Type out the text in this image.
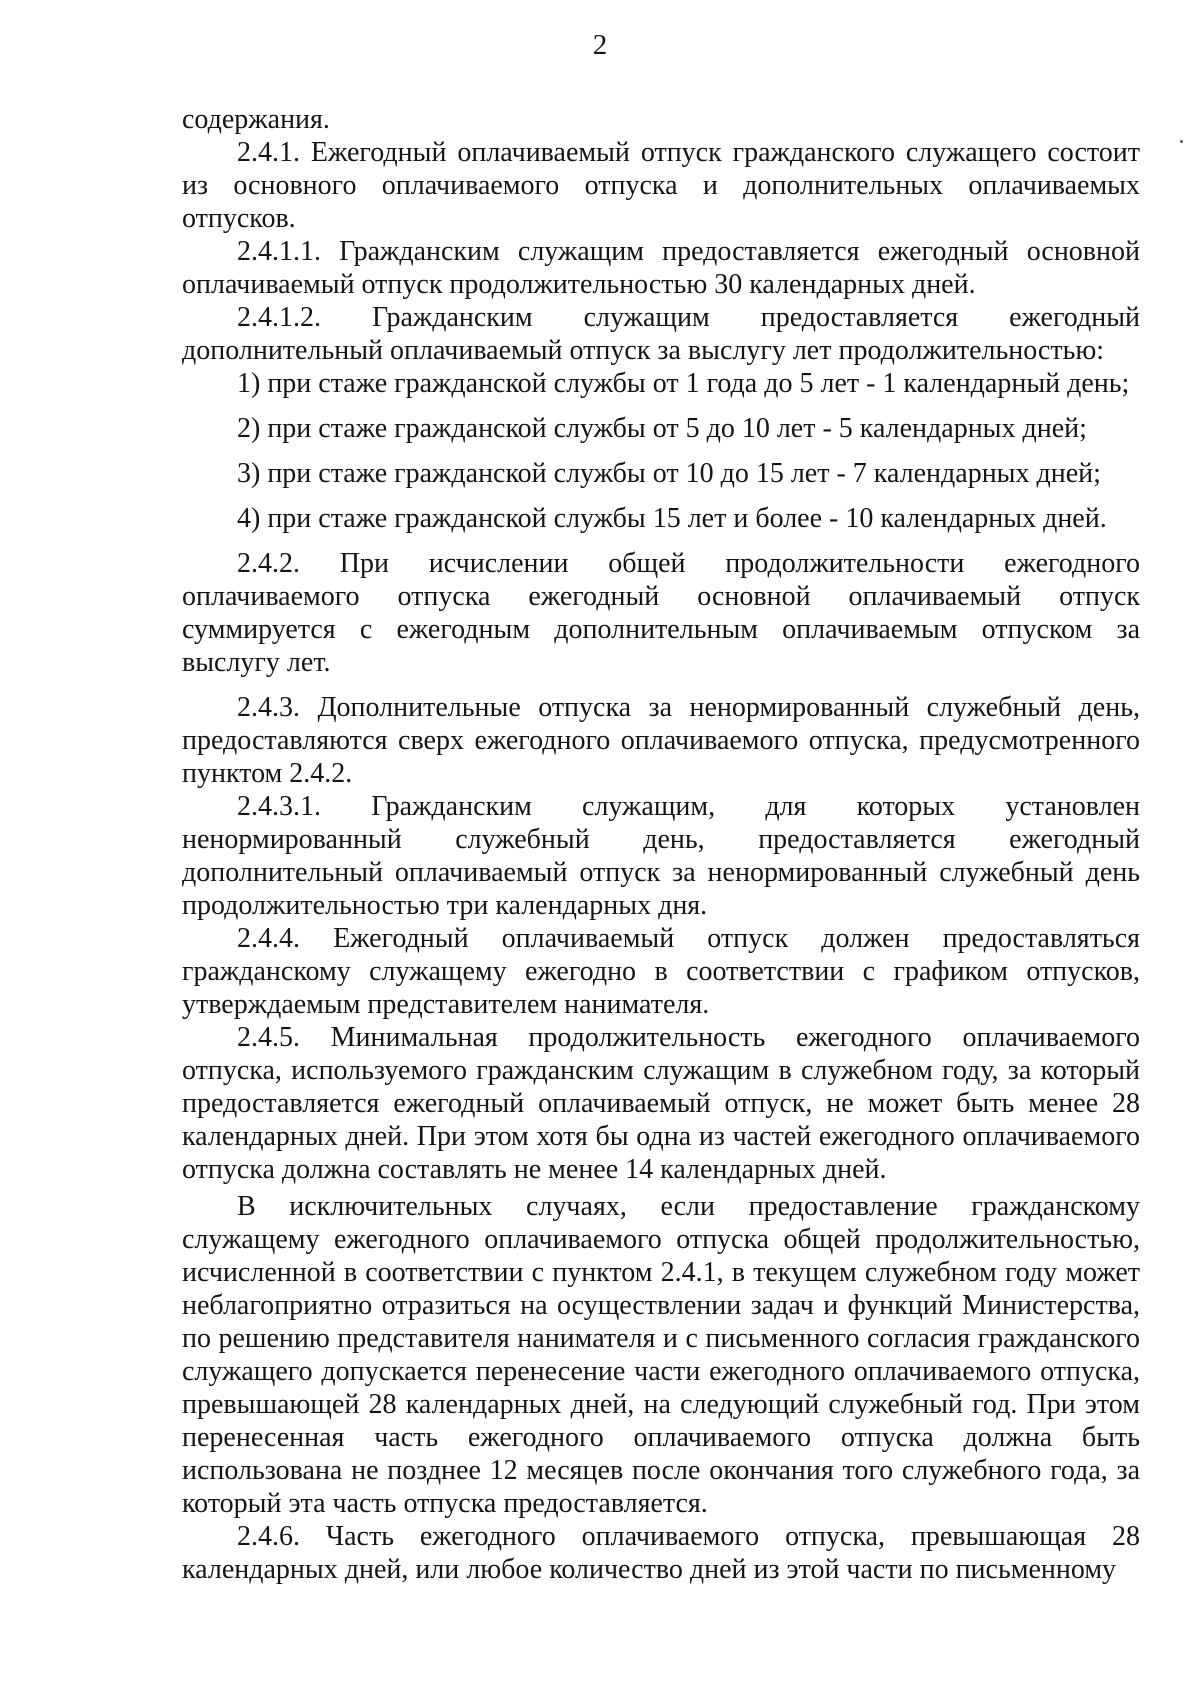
2

содержания.

2.4.1. Ежегодный оплачиваемый отпуск гражданского служащего состоит из основного оплачиваемого отпуска и дополнительных оплачиваемых отпусков.

2.4.1.1. Гражданским служащим предоставляется ежегодный основной оплачиваемый отпуск продолжительностью 30 календарных дней.

2.4.1.2. Гражданским служащим предоставляется ежегодный дополнительный оплачиваемый отпуск за выслугу лет продолжительностью:

1) при стаже гражданской службы от 1 года до 5 лет - 1 календарный день;

2) при стаже гражданской службы от 5 до 10 лет - 5 календарных дней;

3) при стаже гражданской службы от 10 до 15 лет - 7 календарных дней;

4) при стаже гражданской службы 15 лет и более - 10 календарных дней.

2.4.2. При исчислении общей продолжительности ежегодного оплачиваемого отпуска ежегодный основной оплачиваемый отпуск суммируется с ежегодным дополнительным оплачиваемым отпуском за выслугу лет.

2.4.3. Дополнительные отпуска за ненормированный служебный день, предоставляются сверх ежегодного оплачиваемого отпуска, предусмотренного пунктом 2.4.2.

2.4.3.1. Гражданским служащим, для которых установлен ненормированный служебный день, предоставляется ежегодный дополнительный оплачиваемый отпуск за ненормированный служебный день продолжительностью три календарных дня.

2.4.4. Ежегодный оплачиваемый отпуск должен предоставляться гражданскому служащему ежегодно в соответствии с графиком отпусков, утверждаемым представителем нанимателя.

2.4.5. Минимальная продолжительность ежегодного оплачиваемого отпуска, используемого гражданским служащим в служебном году, за который предоставляется ежегодный оплачиваемый отпуск, не может быть менее 28 календарных дней. При этом хотя бы одна из частей ежегодного оплачиваемого отпуска должна составлять не менее 14 календарных дней.

В исключительных случаях, если предоставление гражданскому служащему ежегодного оплачиваемого отпуска общей продолжительностью, исчисленной в соответствии с пунктом 2.4.1, в текущем служебном году может неблагоприятно отразиться на осуществлении задач и функций Министерства, по решению представителя нанимателя и с письменного согласия гражданского служащего допускается перенесение части ежегодного оплачиваемого отпуска, превышающей 28 календарных дней, на следующий служебный год. При этом перенесенная часть ежегодного оплачиваемого отпуска должна быть использована не позднее 12 месяцев после окончания того служебного года, за который эта часть отпуска предоставляется.

2.4.6. Часть ежегодного оплачиваемого отпуска, превышающая 28 календарных дней, или любое количество дней из этой части по письменному
